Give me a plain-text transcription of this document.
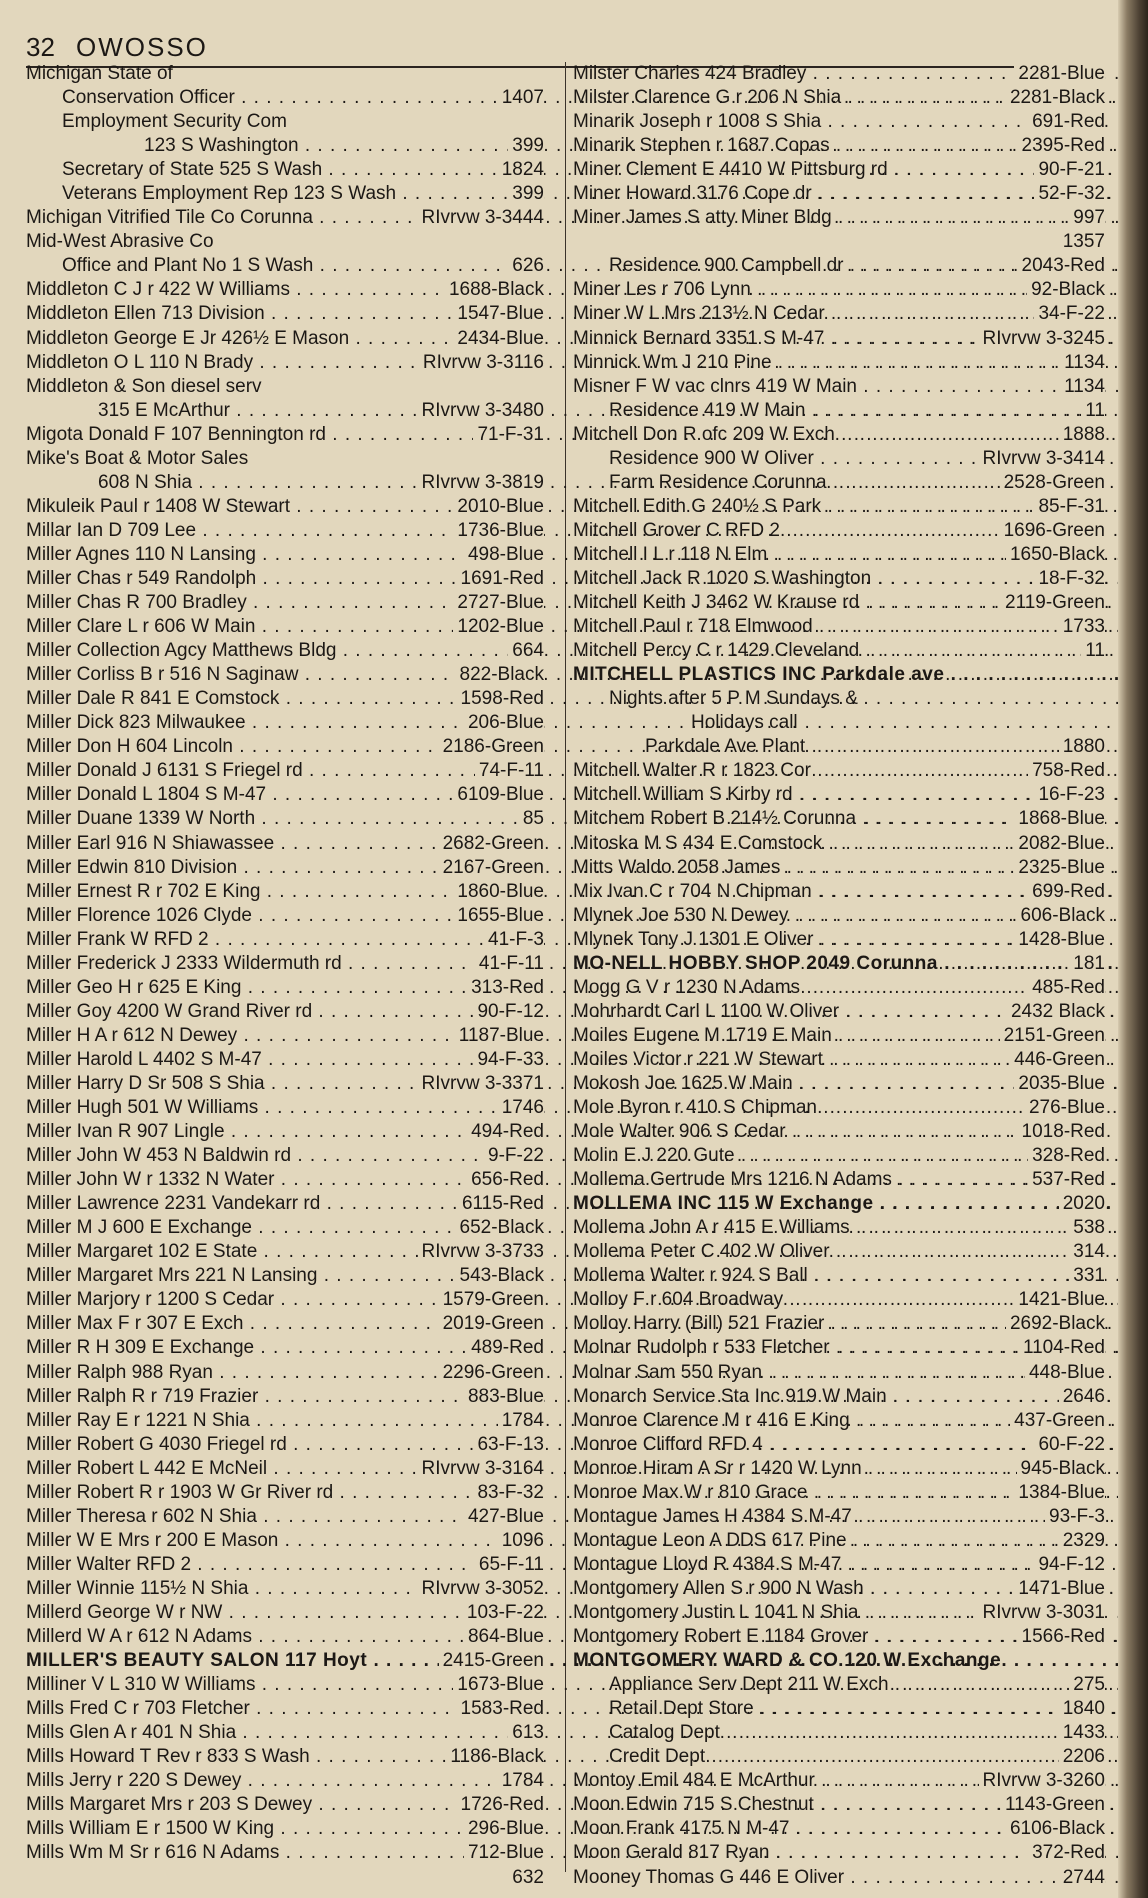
32 OWOSSO
Michigan State of
Conservation Officer . . .	1407
Employment Security Com
123 S Washington . . .	399
Secretary of State 525 S Wash . . .	1824
Veterans Employment Rep 123 S Wash . . .	399
Michigan Vitrified Tile Co Corunna . . .	RIvrvw 3-3444
Mid-West Abrasive Co
Office and Plant No 1 S Wash . . .	626
Middleton C J r 422 W Williams . . .	1688-Black
Middleton Ellen 713 Division . . .	1547-Blue
Middleton George E Jr 426½ E Mason . . .	2434-Blue
Middleton O L 110 N Brady . . .	RIvrvw 3-3116
Middleton & Son diesel serv
315 E McArthur . . .	RIvrvw 3-3480
Migota Donald F 107 Bennington rd . . .	71-F-31
Mike's Boat & Motor Sales
608 N Shia . . .	RIvrvw 3-3819
Mikuleik Paul r 1408 W Stewart . . .	2010-Blue
Millar Ian D 709 Lee . . .	1736-Blue
Miller Agnes 110 N Lansing . . .	498-Blue
Miller Chas r 549 Randolph . . .	1691-Red
Miller Chas R 700 Bradley . . .	2727-Blue
Miller Clare L r 606 W Main . . .	1202-Blue
Miller Collection Agcy Matthews Bldg . . .	664
Miller Corliss B r 516 N Saginaw . . .	822-Black
Miller Dale R 841 E Comstock . . .	1598-Red
Miller Dick 823 Milwaukee . . .	206-Blue
Miller Don H 604 Lincoln . . .	2186-Green
Miller Donald J 6131 S Friegel rd . . .	74-F-11
Miller Donald L 1804 S M-47 . . .	6109-Blue
Miller Duane 1339 W North . . .	85
Miller Earl 916 N Shiawassee . . .	2682-Green
Miller Edwin 810 Division . . .	2167-Green
Miller Ernest R r 702 E King . . .	1860-Blue
Miller Florence 1026 Clyde . . .	1655-Blue
Miller Frank W RFD 2 . . .	41-F-3
Miller Frederick J 2333 Wildermuth rd . . .	41-F-11
Miller Geo H r 625 E King . . .	313-Red
Miller Goy 4200 W Grand River rd . . .	90-F-12
Miller H A r 612 N Dewey . . .	1187-Blue
Miller Harold L 4402 S M-47 . . .	94-F-33
Miller Harry D Sr 508 S Shia . . .	RIvrvw 3-3371
Miller Hugh 501 W Williams . . .	1746
Miller Ivan R 907 Lingle . . .	494-Red
Miller John W 453 N Baldwin rd . . .	9-F-22
Miller John W r 1332 N Water . . .	656-Red
Miller Lawrence 2231 Vandekarr rd . . .	6115-Red
Miller M J 600 E Exchange . . .	652-Black
Miller Margaret 102 E State . . .	RIvrvw 3-3733
Miller Margaret Mrs 221 N Lansing . . .	543-Black
Miller Marjory r 1200 S Cedar . . .	1579-Green
Miller Max F r 307 E Exch . . .	2019-Green
Miller R H 309 E Exchange . . .	489-Red
Miller Ralph 988 Ryan . . .	2296-Green
Miller Ralph R r 719 Frazier . . .	883-Blue
Miller Ray E r 1221 N Shia . . .	1784
Miller Robert G 4030 Friegel rd . . .	63-F-13
Miller Robert L 442 E McNeil . . .	RIvrvw 3-3164
Miller Robert R r 1903 W Gr River rd . . .	83-F-32
Miller Theresa r 602 N Shia . . .	427-Blue
Miller W E Mrs r 200 E Mason . . .	1096
Miller Walter RFD 2 . . .	65-F-11
Miller Winnie 115½ N Shia . . .	RIvrvw 3-3052
Millerd George W r NW . . .	103-F-22
Millerd W A r 612 N Adams . . .	864-Blue
MILLER'S BEAUTY SALON 117 Hoyt . . .	2415-Green
Milliner V L 310 W Williams . . .	1673-Blue
Mills Fred C r 703 Fletcher . . .	1583-Red
Mills Glen A r 401 N Shia . . .	613
Mills Howard T Rev r 833 S Wash . . .	1186-Black
Mills Jerry r 220 S Dewey . . .	1784
Mills Margaret Mrs r 203 S Dewey . . .	1726-Red
Mills William E r 1500 W King . . .	296-Blue
Mills Wm M Sr r 616 N Adams . . .	712-Blue
632
Milster Charles 424 Bradley . . .	2281-Blue
Milster Clarence G r 206 N Shia . . .	2281-Black
Minarik Joseph r 1008 S Shia . . .	691-Red
Minarik Stephen r 1687 Copas . . .	2395-Red
Miner Clement E 4410 W Pittsburg rd . . .	90-F-21
Miner Howard 3176 Cope dr . . .	52-F-32
Miner James S atty Miner Bldg . . .	997
1357
Residence 900 Campbell dr . . .	2043-Red
Miner Les r 706 Lynn . . .	92-Black
Miner W L Mrs 213½ N Cedar . . .	34-F-22
Minnick Bernard 3351 S M-47 . . .	RIvrvw 3-3245
Minnick Wm J 210 Pine . . .	1134
Misner F W vac clnrs 419 W Main . . .	1134
Residence 419 W Main . . .	11
Mitchell Don R ofc 209 W Exch . . .	1888
Residence 900 W Oliver . . .	RIvrvw 3-3414
Farm Residence Corunna . . .	2528-Green
Mitchell Edith G 240½ S Park . . .	85-F-31
Mitchell Grover C RFD 2 . . .	1696-Green
Mitchell I L r 118 N Elm . . .	1650-Black
Mitchell Jack R 1020 S Washington . . .	18-F-32
Mitchell Keith J 3462 W Krause rd . . .	2119-Green
Mitchell Paul r 718 Elmwood . . .	1733
Mitchell Percy C r 1429 Cleveland . . .	11
MITCHELL PLASTICS INC Parkdale ave . . .
Nights after 5 P M Sundays &
Holidays call
Parkdale Ave Plant . . .	1880
Mitchell Walter R r 1823 Cor . . .	758-Red
Mitchell William S Kirby rd . . .	16-F-23
Mitchem Robert B 214½ Corunna . . .	1868-Blue
Mitoska M S 434 E Comstock . . .	2082-Blue
Mitts Waldo 2058 James . . .	2325-Blue
Mix Ivan C r 704 N Chipman . . .	699-Red
Mlynek Joe 530 N Dewey . . .	606-Black
Mlynek Tony J 1301 E Oliver . . .	1428-Blue
MO-NELL HOBBY SHOP 2049 Corunna . . .	181
Mogg G V r 1230 N Adams . . .	485-Red
Mohrhardt Carl L 1100 W Oliver . . .	2432 Black
Moiles Eugene M 1719 E Main . . .	2151-Green
Moiles Victor r 221 W Stewart . . .	446-Green
Mokosh Joe 1625 W Main . . .	2035-Blue
Mole Byron r 410 S Chipman . . .	276-Blue
Mole Walter 906 S Cedar . . .	1018-Red
Molin E J 220 Gute . . .	328-Red
Mollema Gertrude Mrs 1216 N Adams . . .	537-Red
MOLLEMA INC 115 W Exchange . . .	2020
Mollema John A r 415 E Williams . . .	538
Mollema Peter C 402 W Oliver . . .	314
Mollema Walter r 924 S Ball . . .	331
Molloy F r 604 Broadway . . .	1421-Blue
Molloy Harry (Bill) 521 Frazier . . .	2692-Black
Molnar Rudolph r 533 Fletcher . . .	1104-Red
Molnar Sam 550 Ryan . . .	448-Blue
Monarch Service Sta Inc 919 W Main . . .	2646
Monroe Clarence M r 416 E King . . .	437-Green
Monroe Clifford RFD 4 . . .	60-F-22
Monroe Hiram A Sr r 1420 W Lynn . . .	945-Black
Monroe Max W r 810 Grace . . .	1384-Blue
Montague James H 4384 S M-47 . . .	93-F-3
Montague Leon A DDS 617 Pine . . .	2329
Montague Lloyd R 4384 S M-47 . . .	94-F-12
Montgomery Allen S r 900 N Wash . . .	1471-Blue
Montgomery Justin L 1041 N Shia . . .	RIvrvw 3-3031
Montgomery Robert E 1184 Grover . . .	1566-Red
MONTGOMERY WARD & CO 120 W Exchange
Appliance Serv Dept 211 W Exch . . .	275
Retail Dept Store . . .	1840
Catalog Dept . . .	1433
Credit Dept . . .	2206
Montoy Emil 484 E McArthur . . .	RIvrvw 3-3260
Moon Edwin 715 S Chestnut . . .	1143-Green
Moon Frank 4175 N M-47 . . .	6106-Black
Moon Gerald 817 Ryan . . .	372-Red
Mooney Thomas G 446 E Oliver . . .	2744
